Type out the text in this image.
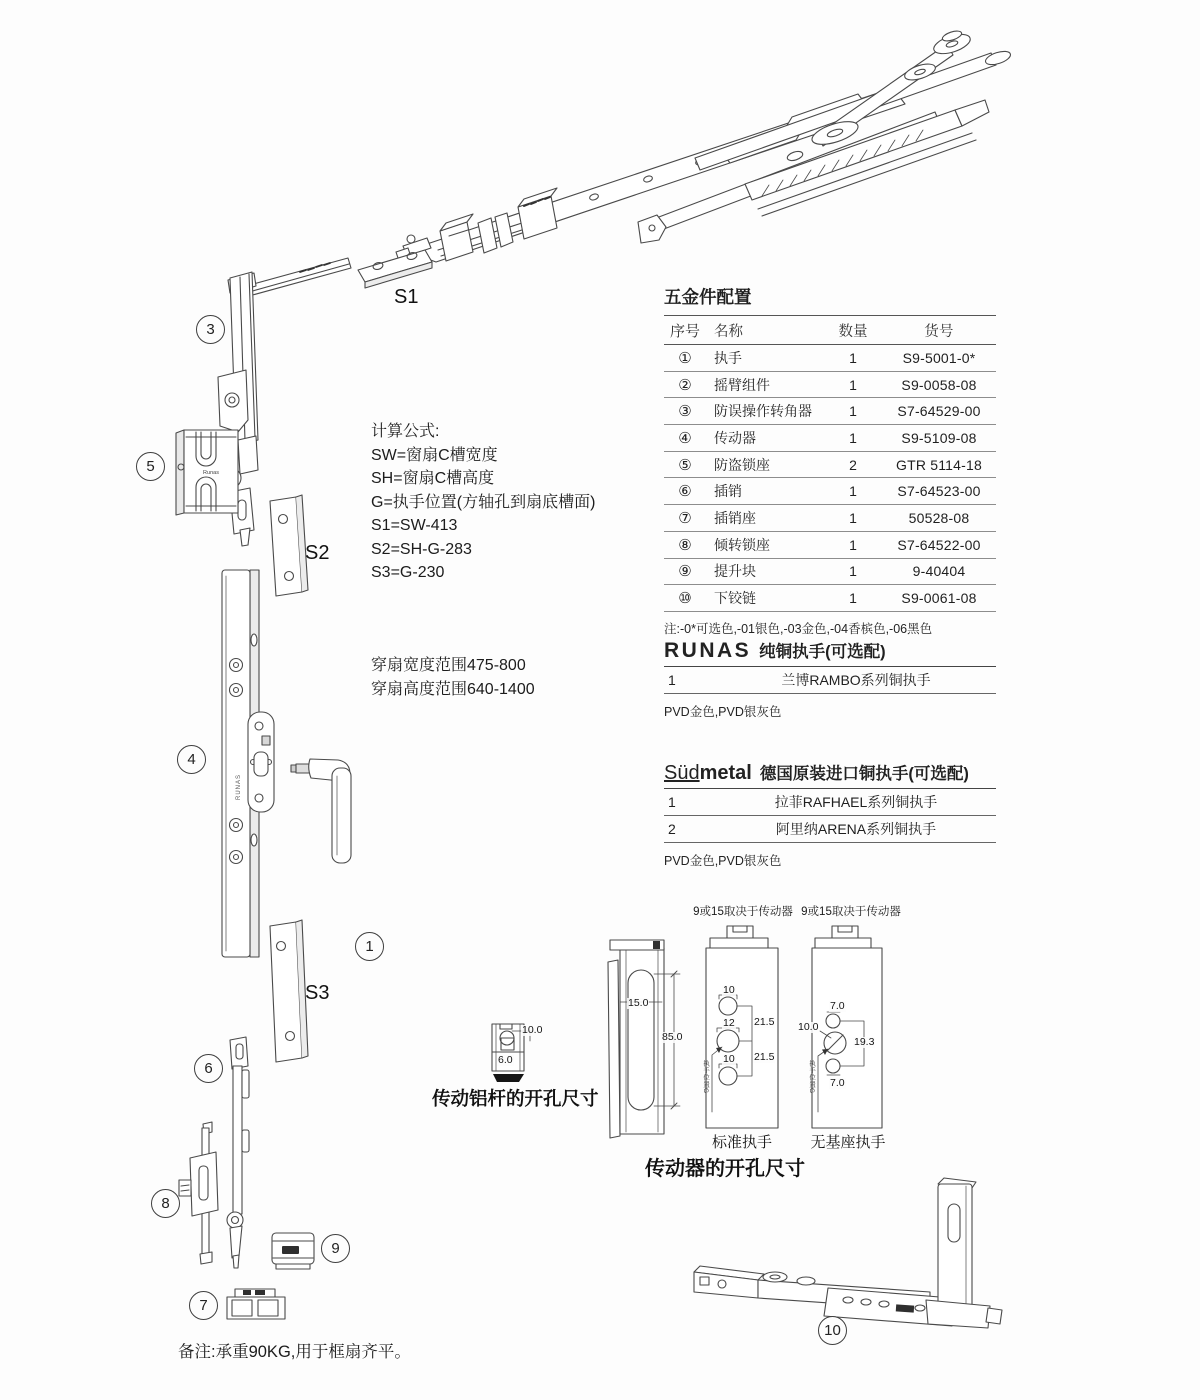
Runas
RUNAS
3
5
4
1
6
8
9
7
10
S1
S2
S3
计算公式:
SW=窗扇C槽宽度
SH=窗扇C槽高度
G=执手位置(方轴孔到扇底槽面)
S1=SW-413
S2=SH-G-283
S3=G-230
穿扇宽度范围475-800
穿扇高度范围640-1400
五金件配置
序号 名称	数量	货号
①	执手	1	S9-5001-0*
②	摇臂组件	1	S9-0058-08
③	防误操作转角器	1	S7-64529-00
④	传动器	1	S9-5109-08
⑤	防盗锁座	2	GTR 5114-18
⑥	插销	1	S7-64523-00
⑦	插销座	1	50528-08
⑧	倾转锁座	1	S7-64522-00
⑨	提升块	1	9-40404
⑩	下铰链	1	S9-0061-08
注:-0*可选色,-01银色,-03金色,-04香槟色,-06黑色
RUNAS 纯铜执手(可选配)
1	兰博RAMBO系列铜执手
PVD金色,PVD银灰色
Süd metal 德国原装进口铜执手(可选配)
1	拉菲RAFHAEL系列铜执手
2	阿里纳ARENA系列铜执手
PVD金色,PVD银灰色
10.0
6.0
传动铝杆的开孔尺寸
9或15取决于传动器 9或15取决于传动器
15.0
85.0
10
12
10
21.5
21.5
执手位置G
7.0
10.0
19.3
7.0
执手位置G
标准执手	无基座执手
传动器的开孔尺寸
备注:承重90KG,用于框扇齐平。
